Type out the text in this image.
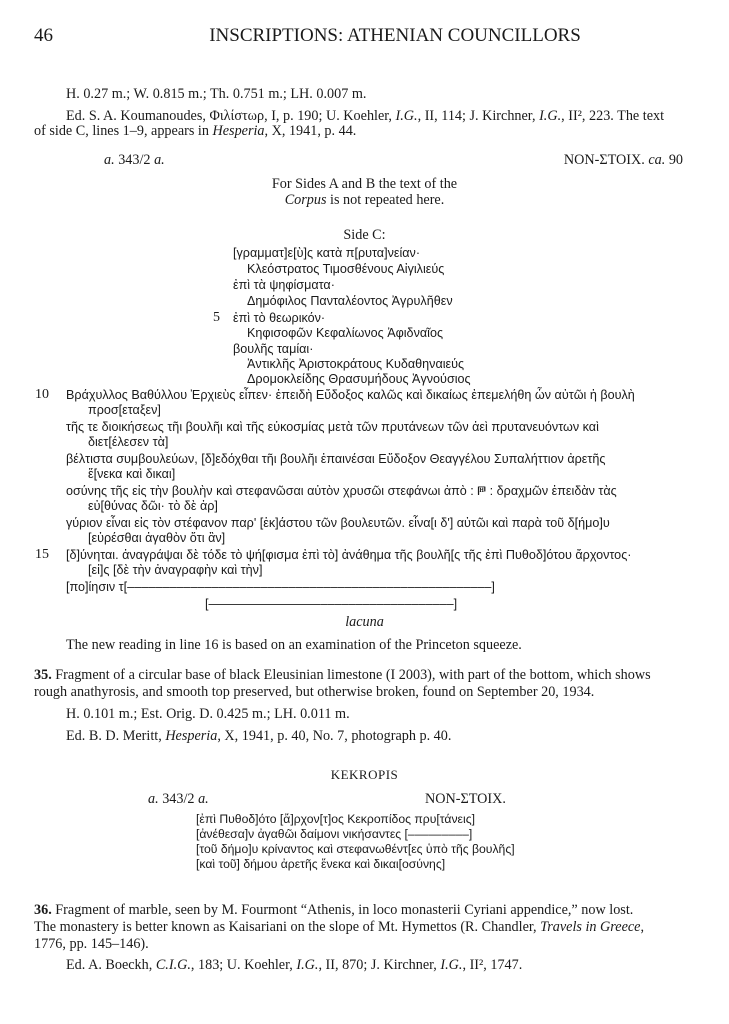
46	INSCRIPTIONS: ATHENIAN COUNCILLORS
H. 0.27 m.; W. 0.815 m.; Th. 0.751 m.; LH. 0.007 m.
Ed. S. A. Koumanoudes, Φιλίστωρ, I, p. 190; U. Koehler, I.G., II, 114; J. Kirchner, I.G., II², 223. The text
of side C, lines 1–9, appears in Hesperia, X, 1941, p. 44.
a. 343/2 a.	NON-ΣΤΟΙΧ. ca. 90
For Sides A and B the text of the
Corpus is not repeated here.
Side C:
[γραμματ]ε[ὺ]ς κατὰ π[ρυτα]νείαν·
Κλεόστρατος Τιμοσθένους Αἰγιλιεύς
ἐπὶ τὰ ψηφίσματα·
Δημόφιλος Πανταλέοντος Ἀγρυλῆθεν
5 ἐπὶ τὸ θεωρικόν·
Κηφισοφῶν Κεφαλίωνος Ἀφιδναῖος
βουλῆς ταμίαι·
Ἀντικλῆς Ἀριστοκράτους Κυδαθηναιεύς
Δρομοκλείδης Θρασυμήδους Ἁγνούσιος
10 Βράχυλλος Βαθύλλου Ἐρχιεὺς εἶπεν· ἐπειδὴ Εὔδοξος καλῶς καὶ δικαίως ἐπεμελήθη ὧν αὐτῶι ἡ βουλὴ
προσ[εταξεν]
τῆς τε διοικήσεως τῆι βουλῆι καὶ τῆς εὐκοσμίας μετὰ τῶν πρυτάνεων τῶν ἀεὶ πρυτανευόντων καὶ
διετ[έλεσεν τὰ]
βέλτιστα συμβουλεύων, [δ]εδόχθαι τῆι βουλῆι ἐπαινέσαι Εὔδοξον Θεαγγέλου Συπαλήττιον ἀρετῆς
ἕ[νεκα καὶ δικαι]
οσύνης τῆς εἰς τὴν βουλὴν καὶ στεφανῶσαι αὐτὸν χρυσῶι στεφάνωι ἀπὸ : 𐅅 : δραχμῶν ἐπειδὰν τὰς
εὐ[θύνας δῶι· τὸ δὲ ἀρ]
γύριον εἶναι εἰς τὸν στέφανον παρ' [ἑκ]άστου τῶν βουλευτῶν. εἶνα[ι δ'] αὐτῶι καὶ παρὰ τοῦ δ[ήμο]υ
[εὑρέσθαι ἀγαθὸν ὅτι ἂν]
15 [δ]ύνηται. ἀναγράψαι δὲ τόδε τὸ ψή[φισμα ἐπὶ τὸ] ἀνάθημα τῆς βουλῆ[ς τῆς ἐπὶ Πυθοδ]ότου ἄρχοντος·
[εἰ]ς [δὲ τὴν ἀναγραφὴν καὶ τὴν]
[πο]ίησιν τ[––––––––––––––––––––––––––––––––––––––––––––––––––––]
[–––––––––––––––––––––––––––––––––––]
lacuna
The new reading in line 16 is based on an examination of the Princeton squeeze.
35. Fragment of a circular base of black Eleusinian limestone (I 2003), with part of the bottom, which shows
rough anathyrosis, and smooth top preserved, but otherwise broken, found on September 20, 1934.
H. 0.101 m.; Est. Orig. D. 0.425 m.; LH. 0.011 m.
Ed. B. D. Meritt, Hesperia, X, 1941, p. 40, No. 7, photograph p. 40.
KEKROPIS
a. 343/2 a.	NON-ΣΤΟΙΧ.
[ἐπὶ Πυθοδ]ότο [ἄ]ρχον[τ]ος Κεκροπίδος πρυ[τάνεις]
[ἀνέθεσα]ν ἀγαθῶι δαίμονι νικήσαντες [–––––––––]
[τοῦ δήμο]υ κρίναντος καὶ στεφανωθέντ[ες ὑπὸ τῆς βουλῆς]
[καὶ τοῦ] δήμου ἀρετῆς ἕνεκα καὶ δικαι[οσύνης]
36. Fragment of marble, seen by M. Fourmont “Athenis, in loco monasterii Cyriani appendice,” now lost.
The monastery is better known as Kaisariani on the slope of Mt. Hymettos (R. Chandler, Travels in Greece,
1776, pp. 145–146).
Ed. A. Boeckh, C.I.G., 183; U. Koehler, I.G., II, 870; J. Kirchner, I.G., II², 1747.
